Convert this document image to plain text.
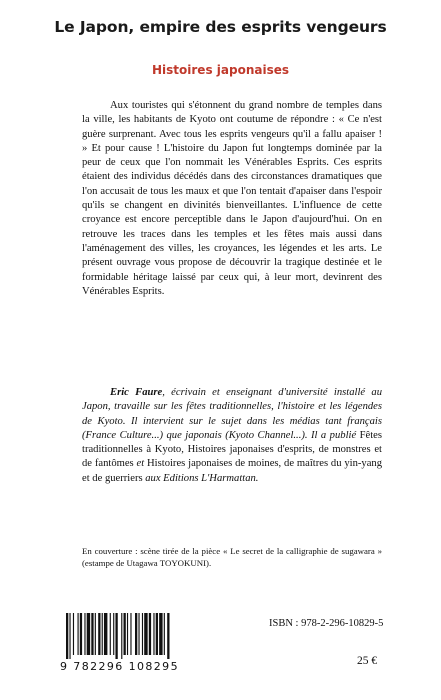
Le Japon, empire des esprits vengeurs
Histoires japonaises
Aux touristes qui s'étonnent du grand nombre de temples dans la ville, les habitants de Kyoto ont coutume de répondre : « Ce n'est guère surprenant. Avec tous les esprits vengeurs qu'il a fallu apaiser ! » Et pour cause ! L'histoire du Japon fut longtemps dominée par la peur de ceux que l'on nommait les Vénérables Esprits. Ces esprits étaient des individus décédés dans des circonstances dramatiques que l'on accusait de tous les maux et que l'on tentait d'apaiser dans l'espoir qu'ils se changent en divinités bienveillantes. L'influence de cette croyance est encore perceptible dans le Japon d'aujourd'hui. On en retrouve les traces dans les temples et les fêtes mais aussi dans l'aménagement des villes, les croyances, les légendes et les arts. Le présent ouvrage vous propose de découvrir la tragique destinée et le formidable héritage laissé par ceux qui, à leur mort, devinrent des Vénérables Esprits.
Eric Faure, écrivain et enseignant d'université installé au Japon, travaille sur les fêtes traditionnelles, l'histoire et les légendes de Kyoto. Il intervient sur le sujet dans les médias tant français (France Culture...) que japonais (Kyoto Channel...). Il a publié Fêtes traditionnelles à Kyoto, Histoires japonaises d'esprits, de monstres et de fantômes et Histoires japonaises de moines, de maîtres du yin-yang et de guerriers aux Editions L'Harmattan.
En couverture : scène tirée de la pièce « Le secret de la calligraphie de sugawara » (estampe de Utagawa TOYOKUNI).
9 782296 108295
ISBN : 978-2-296-10829-5
25 €
